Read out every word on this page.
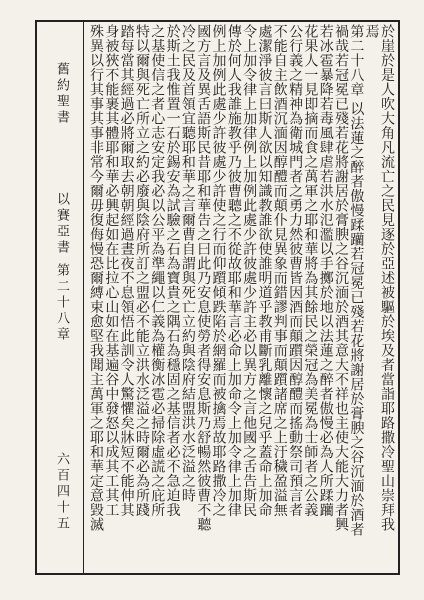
舊約聖書
以賽亞書 第二十八章
六百四十五	於崖於是人吹大角凡流亡之民見逐於亞述被驅於埃及者當詣耶路撒冷聖山崇拜我
焉
第二十八章 以法蓮之醉者傲慢蹂躪若冠冕已殘若花將謝居於膏腴之谷沉湎於酒者
禍哉若冠冕已殘若花將謝居於膏腴之谷沉湎於酒其意大不祥也主使大能大力者興
若冰雹暴降若毒風肆虐若洪水氾濫以手擲於地以法蓮之醉者傲慢必為人所蹂躪
花果人一見即摘而食之萬軍之耶和華將為其餘民之榮冠為美冕為士師者之公義
公行義之精神為衛城門者之勇力然彼曹皆因酒而顛躓因醇醴而搖動祭司預言者
不能自主飲酒沉湎因醇醴而顛仆見異象而錯謬判事而顛躓諸席之上汙穢盈溢無
處潔淨彼言曰斯人欲以知識教誰欲使誰明道乎教甫斷乳離懷之兒乎蓋命上加命
令上加令律上加律例上加例此處少許彼處少許主必以異方之言他國之舌告斯民
傳於何人我誰施教乎乃彼曹聽之不從故耶和華言必命上加命令上加令律上加律
例上加例此處少許彼處少許使之行而仰躓傾跌陷於網羅而被擒焉故耶路撒冷之
國方言及異舌語斯民昔耶和華告之曰此乃安息使勞者得安息斯乃舒暢然彼曹不聽
冷之民及首領宜聽耶和華之言爾曹自謂與死亡立約與陰府結盟洪水泛溢之時
於斯土我惟置一石於錫安為試驗之石為寶貴之隅石為穩固之基信者必不急迫我
之基使信之者心志安定我必以公平為準繩以仁義為權衡冰雹必掃除虛謊之庇所
特以爾與死亡所立之約必廢與陰府所訂之盟必不能立洪水泛溢之時爾必為所踐
踏每當其經過必將爾取去朝朝經過晝夜不息領悟此訓令人驚懼矣牀短不能伸其
身被狹不能裹其體耶和華必興起如在比拉心山如在基遍谷中發怒以成其工其工
殊異以行其事其事非常今爾毋復侮慢恐爾縛束愈堅我聞主萬軍之耶和華定意毀滅
